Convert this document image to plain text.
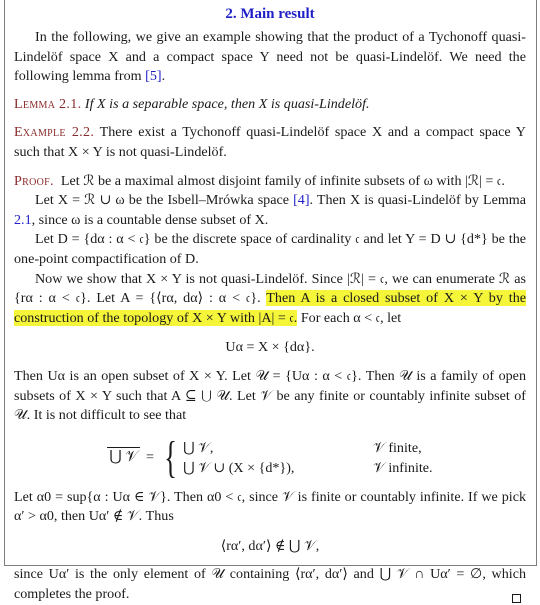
2. Main result

In the following, we give an example showing that the product of a Tychonoff quasi-Lindelöf space X and a compact space Y need not be quasi-Lindelöf. We need the following lemma from [5].

Lemma 2.1. If X is a separable space, then X is quasi-Lindelöf.

Example 2.2. There exist a Tychonoff quasi-Lindelöf space X and a compact space Y such that X × Y is not quasi-Lindelöf.

Proof. Let ℛ be a maximal almost disjoint family of infinite subsets of ω with |ℛ| = 𝔠.

Let X = ℛ ∪ ω be the Isbell–Mrówka space [4]. Then X is quasi-Lindelöf by Lemma 2.1, since ω is a countable dense subset of X.

Let D = {dα : α < 𝔠} be the discrete space of cardinality 𝔠 and let Y = D ∪ {d*} be the one-point compactification of D.

Now we show that X × Y is not quasi-Lindelöf. Since |ℛ| = 𝔠, we can enumerate ℛ as {rα : α < 𝔠}. Let A = {⟨rα, dα⟩ : α < 𝔠}. Then A is a closed subset of X × Y by the construction of the topology of X × Y with |A| = 𝔠. For each α < 𝔠, let

Uα = X × {dα}.

Then Uα is an open subset of X × Y. Let 𝒰 = {Uα : α < 𝔠}. Then 𝒰 is a family of open subsets of X × Y such that A ⊆ ⋃ 𝒰. Let 𝒱 be any finite or countably infinite subset of 𝒰. It is not difficult to see that

⋃ 𝒱 = { ⋃ 𝒱,	𝒱 finite,
⋃ 𝒱 ∪ (X × {d*}),	𝒱 infinite.

Let α0 = sup{α : Uα ∈ 𝒱}. Then α0 < 𝔠, since 𝒱 is finite or countably infinite. If we pick α′ > α0, then Uα′ ∉ 𝒱. Thus

⟨rα′, dα′⟩ ∉ ⋃ 𝒱,

since Uα′ is the only element of 𝒰 containing ⟨rα′, dα′⟩ and ⋃ 𝒱 ∩ Uα′ = ∅, which completes the proof.
